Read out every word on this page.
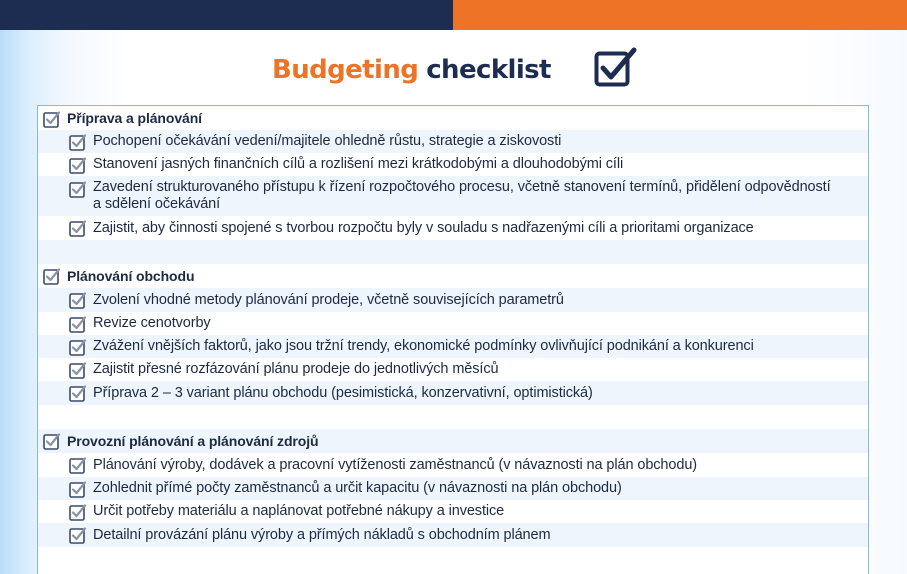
Budgeting checklist
Příprava a plánování
Pochopení očekávání vedení/majitele ohledně růstu, strategie a ziskovosti
Stanovení jasných finančních cílů a rozlišení mezi krátkodobými a dlouhodobými cíli
Zavedení strukturovaného přístupu k řízení rozpočtového procesu, včetně stanovení termínů, přidělení odpovědností a sdělení očekávání
Zajistit, aby činnosti spojené s tvorbou rozpočtu byly v souladu s nadřazenými cíli a prioritami organizace
Plánování obchodu
Zvolení vhodné metody plánování prodeje, včetně souvisejících parametrů
Revize cenotvorby
Zvážení vnějších faktorů, jako jsou tržní trendy, ekonomické podmínky ovlivňující podnikání a konkurenci
Zajistit přesné rozfázování plánu prodeje do jednotlivých měsíců
Příprava 2 – 3 variant plánu obchodu (pesimistická, konzervativní, optimistická)
Provozní plánování a plánování zdrojů
Plánování výroby, dodávek a pracovní vytíženosti zaměstnanců (v návaznosti na plán obchodu)
Zohlednit přímé počty zaměstnanců a určit kapacitu (v návaznosti na plán obchodu)
Určit potřeby materiálu a naplánovat potřebné nákupy a investice
Detailní provázání plánu výroby a přímých nákladů s obchodním plánem
